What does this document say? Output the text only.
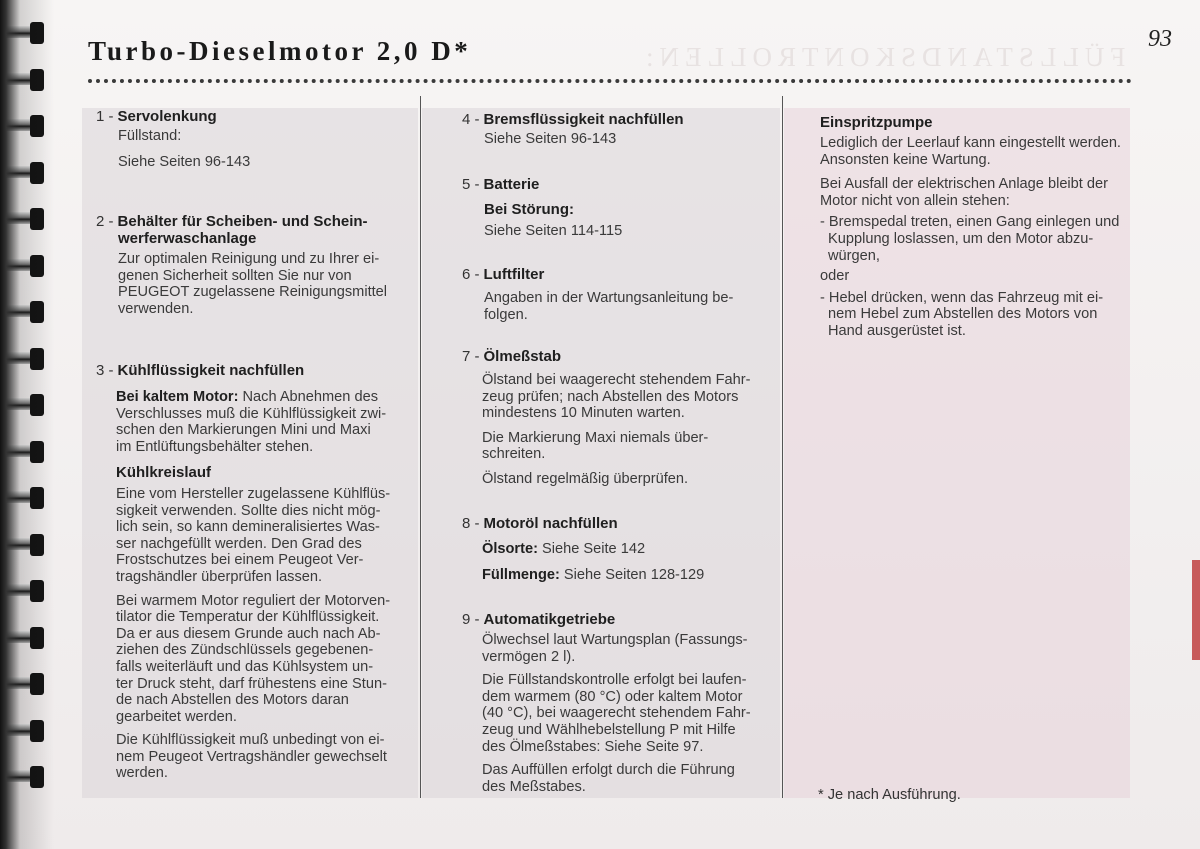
Turbo-Dieselmotor 2,0 D*	FÜLLSTANDSKONTROLLEN:
93
1 - Servolenkung

Füllstand:

Siehe Seiten 96-143

2 - Behälter für Scheiben- und Schein-
werferwaschanlage

Zur optimalen Reinigung und zu Ihrer ei-

genen Sicherheit sollten Sie nur von

PEUGEOT zugelassene Reinigungsmittel

verwenden.

3 - Kühlflüssigkeit nachfüllen

Bei kaltem Motor: Nach Abnehmen des

Verschlusses muß die Kühlflüssigkeit zwi-

schen den Markierungen Mini und Maxi

im Entlüftungsbehälter stehen.

Kühlkreislauf

Eine vom Hersteller zugelassene Kühlflüs-

sigkeit verwenden. Sollte dies nicht mög-

lich sein, so kann demineralisiertes Was-

ser nachgefüllt werden. Den Grad des

Frostschutzes bei einem Peugeot Ver-

tragshändler überprüfen lassen.

Bei warmem Motor reguliert der Motorven-

tilator die Temperatur der Kühlflüssigkeit.

Da er aus diesem Grunde auch nach Ab-

ziehen des Zündschlüssels gegebenen-

falls weiterläuft und das Kühlsystem un-

ter Druck steht, darf frühestens eine Stun-

de nach Abstellen des Motors daran

gearbeitet werden.

Die Kühlflüssigkeit muß unbedingt von ei-

nem Peugeot Vertragshändler gewechselt

werden.

4 - Bremsflüssigkeit nachfüllen

Siehe Seiten 96-143

5 - Batterie
Bei Störung:

Siehe Seiten 114-115

6 - Luftfilter

Angaben in der Wartungsanleitung be-

folgen.

7 - Ölmeßstab

Ölstand bei waagerecht stehendem Fahr-

zeug prüfen; nach Abstellen des Motors

mindestens 10 Minuten warten.

Die Markierung Maxi niemals über-

schreiten.

Ölstand regelmäßig überprüfen.

8 - Motoröl nachfüllen

Ölsorte: Siehe Seite 142

Füllmenge: Siehe Seiten 128-129

9 - Automatikgetriebe

Ölwechsel laut Wartungsplan (Fassungs-

vermögen 2 l).

Die Füllstandskontrolle erfolgt bei laufen-

dem warmem (80 °C) oder kaltem Motor

(40 °C), bei waagerecht stehendem Fahr-

zeug und Wählhebelstellung P mit Hilfe

des Ölmeßstabes: Siehe Seite 97.

Das Auffüllen erfolgt durch die Führung

des Meßstabes.

Einspritzpumpe

Lediglich der Leerlauf kann eingestellt werden.

Ansonsten keine Wartung.

Bei Ausfall der elektrischen Anlage bleibt der

Motor nicht von allein stehen:

- Bremspedal treten, einen Gang einlegen und

Kupplung loslassen, um den Motor abzu-

würgen,

oder

- Hebel drücken, wenn das Fahrzeug mit ei-

nem Hebel zum Abstellen des Motors von

Hand ausgerüstet ist.

* Je nach Ausführung.
